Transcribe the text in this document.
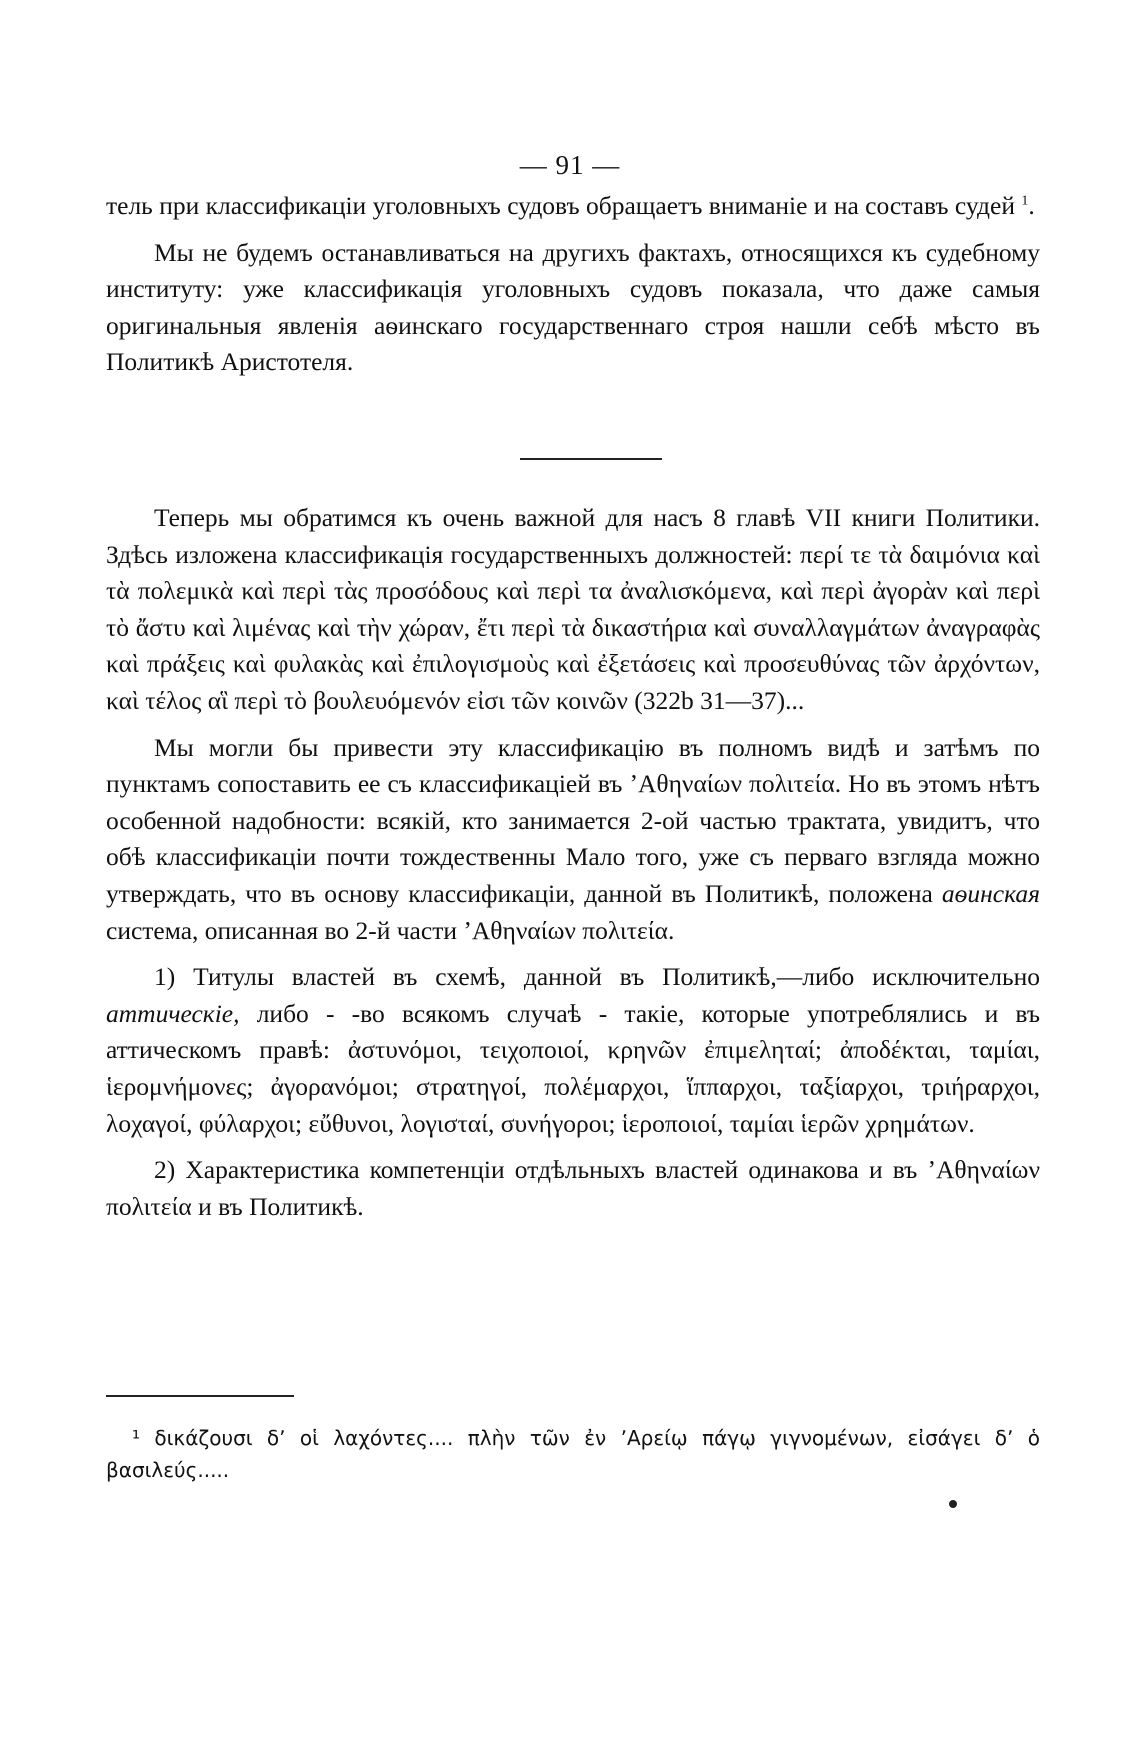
— 91 —

тель при классификаціи уголовныхъ судовъ обращаетъ вниманіе и на составъ судей $^1$.

Мы не будемъ останавливаться на другихъ фактахъ, относящихся къ судебному институту: уже классификація уголовныхъ судовъ показала, что даже самыя оригинальныя явленія аѳинскаго государственнаго строя нашли себѣ мѣсто въ Политикѣ Аристотеля.

Теперь мы обратимся къ очень важной для насъ 8 главѣ VII книги Политики. Здѣсь изложена классификація государственныхъ должностей: περί τε τὰ δαιμόνια καὶ τὰ πολεμικὰ καὶ περὶ τὰς προσόδους καὶ περὶ τα ἀναλισκόμενα, καὶ περὶ ἀγορὰν καὶ περὶ τὸ ἄστυ καὶ λιμένας καὶ τὴν χώραν, ἔτι περὶ τὰ δικαστήρια καὶ συναλλαγμάτων ἀναγραφὰς καὶ πράξεις καὶ φυλακὰς καὶ ἐπιλογισμοὺς καὶ ἐξετάσεις καὶ προσευθύνας τῶν ἀρχόντων, καὶ τέλος αἳ περὶ τὸ βουλευόμενόν εἰσι τῶν κοινῶν (322b 31—37)...

Мы могли бы привести эту классификацію въ полномъ видѣ и затѣмъ по пунктамъ сопоставить ее съ классификаціей въ ʼΑθηναίων πολιτεία. Но въ этомъ нѣтъ особенной надобности: всякій, кто занимается 2-ой частью трактата, увидитъ, что обѣ классификаціи почти тождественны Мало того, уже съ перваго взгляда можно утверждать, что въ основу классификаціи, данной въ Политикѣ, положена аѳинская система, описанная во 2-й части ʼΑθηναίων πολιτεία.

1) Титулы властей въ схемѣ, данной въ Политикѣ,—либо исключительно аттическіе, либо - -во всякомъ случаѣ - такіе, которые употреблялись и въ аттическомъ правѣ: ἀστυνόμοι, τειχοποιοί, κρηνῶν ἐπιμεληταί; ἀποδέκται, ταμίαι, ἱερομνήμονες; ἀγορανόμοι; στρατηγοί, πολέμαρχοι, ἵππαρχοι, ταξίαρχοι, τριήραρχοι, λοχαγοί, φύλαρχοι; εὔθυνοι, λογισταί, συνήγοροι; ἱεροποιοί, ταμίαι ἱερῶν χρημάτων.

2) Характеристика компетенціи отдѣльныхъ властей одинакова и въ ʼΑθηναίων πολιτεία и въ Политикѣ.

¹ δικάζουσι δʼ οἱ λαχόντες.... πλὴν τῶν ἐν ʼΑρείῳ πάγῳ γιγνομένων, εἰσάγει δʼ ὁ βασιλεύς.....
